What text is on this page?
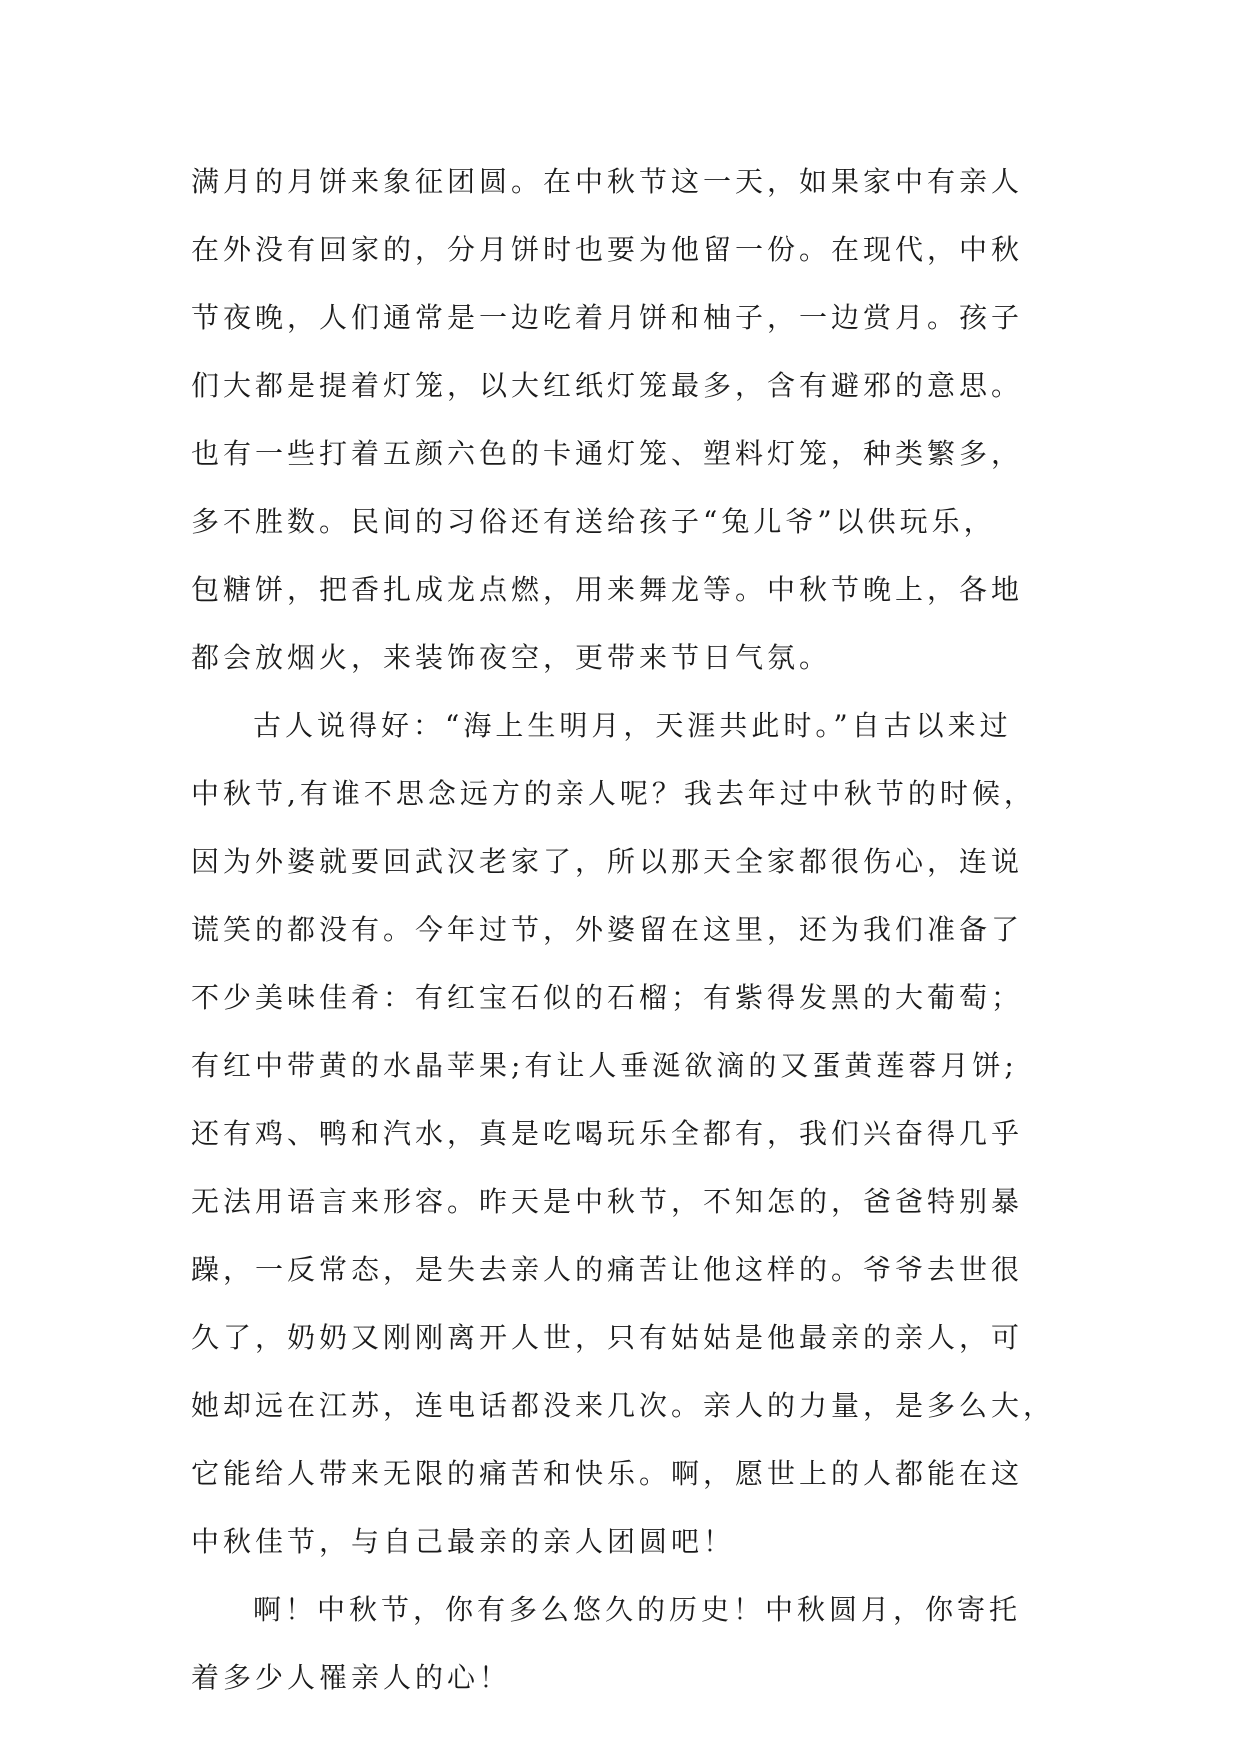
满月的月饼来象征团圆。在中秋节这一天，如果家中有亲人
在外没有回家的，分月饼时也要为他留一份。在现代，中秋
节夜晚，人们通常是一边吃着月饼和柚子，一边赏月。孩子
们大都是提着灯笼，以大红纸灯笼最多，含有避邪的意思。
也有一些打着五颜六色的卡通灯笼、塑料灯笼，种类繁多，
多不胜数。民间的习俗还有送给孩子“兔儿爷”以供玩乐，
包糖饼，把香扎成龙点燃，用来舞龙等。中秋节晚上，各地
都会放烟火，来装饰夜空，更带来节日气氛。
古人说得好：“海上生明月，天涯共此时。”自古以来过
中秋节,有谁不思念远方的亲人呢？我去年过中秋节的时候，
因为外婆就要回武汉老家了，所以那天全家都很伤心，连说
谎笑的都没有。今年过节，外婆留在这里，还为我们准备了
不少美味佳肴：有红宝石似的石榴；有紫得发黑的大葡萄；
有红中带黄的水晶苹果;有让人垂涎欲滴的又蛋黄莲蓉月饼;
还有鸡、鸭和汽水，真是吃喝玩乐全都有，我们兴奋得几乎
无法用语言来形容。昨天是中秋节，不知怎的，爸爸特别暴
躁，一反常态，是失去亲人的痛苦让他这样的。爷爷去世很
久了，奶奶又刚刚离开人世，只有姑姑是他最亲的亲人，可
她却远在江苏，连电话都没来几次。亲人的力量，是多么大，
它能给人带来无限的痛苦和快乐。啊，愿世上的人都能在这
中秋佳节，与自己最亲的亲人团圆吧！
啊！中秋节，你有多么悠久的历史！中秋圆月，你寄托
着多少人罹亲人的心！
